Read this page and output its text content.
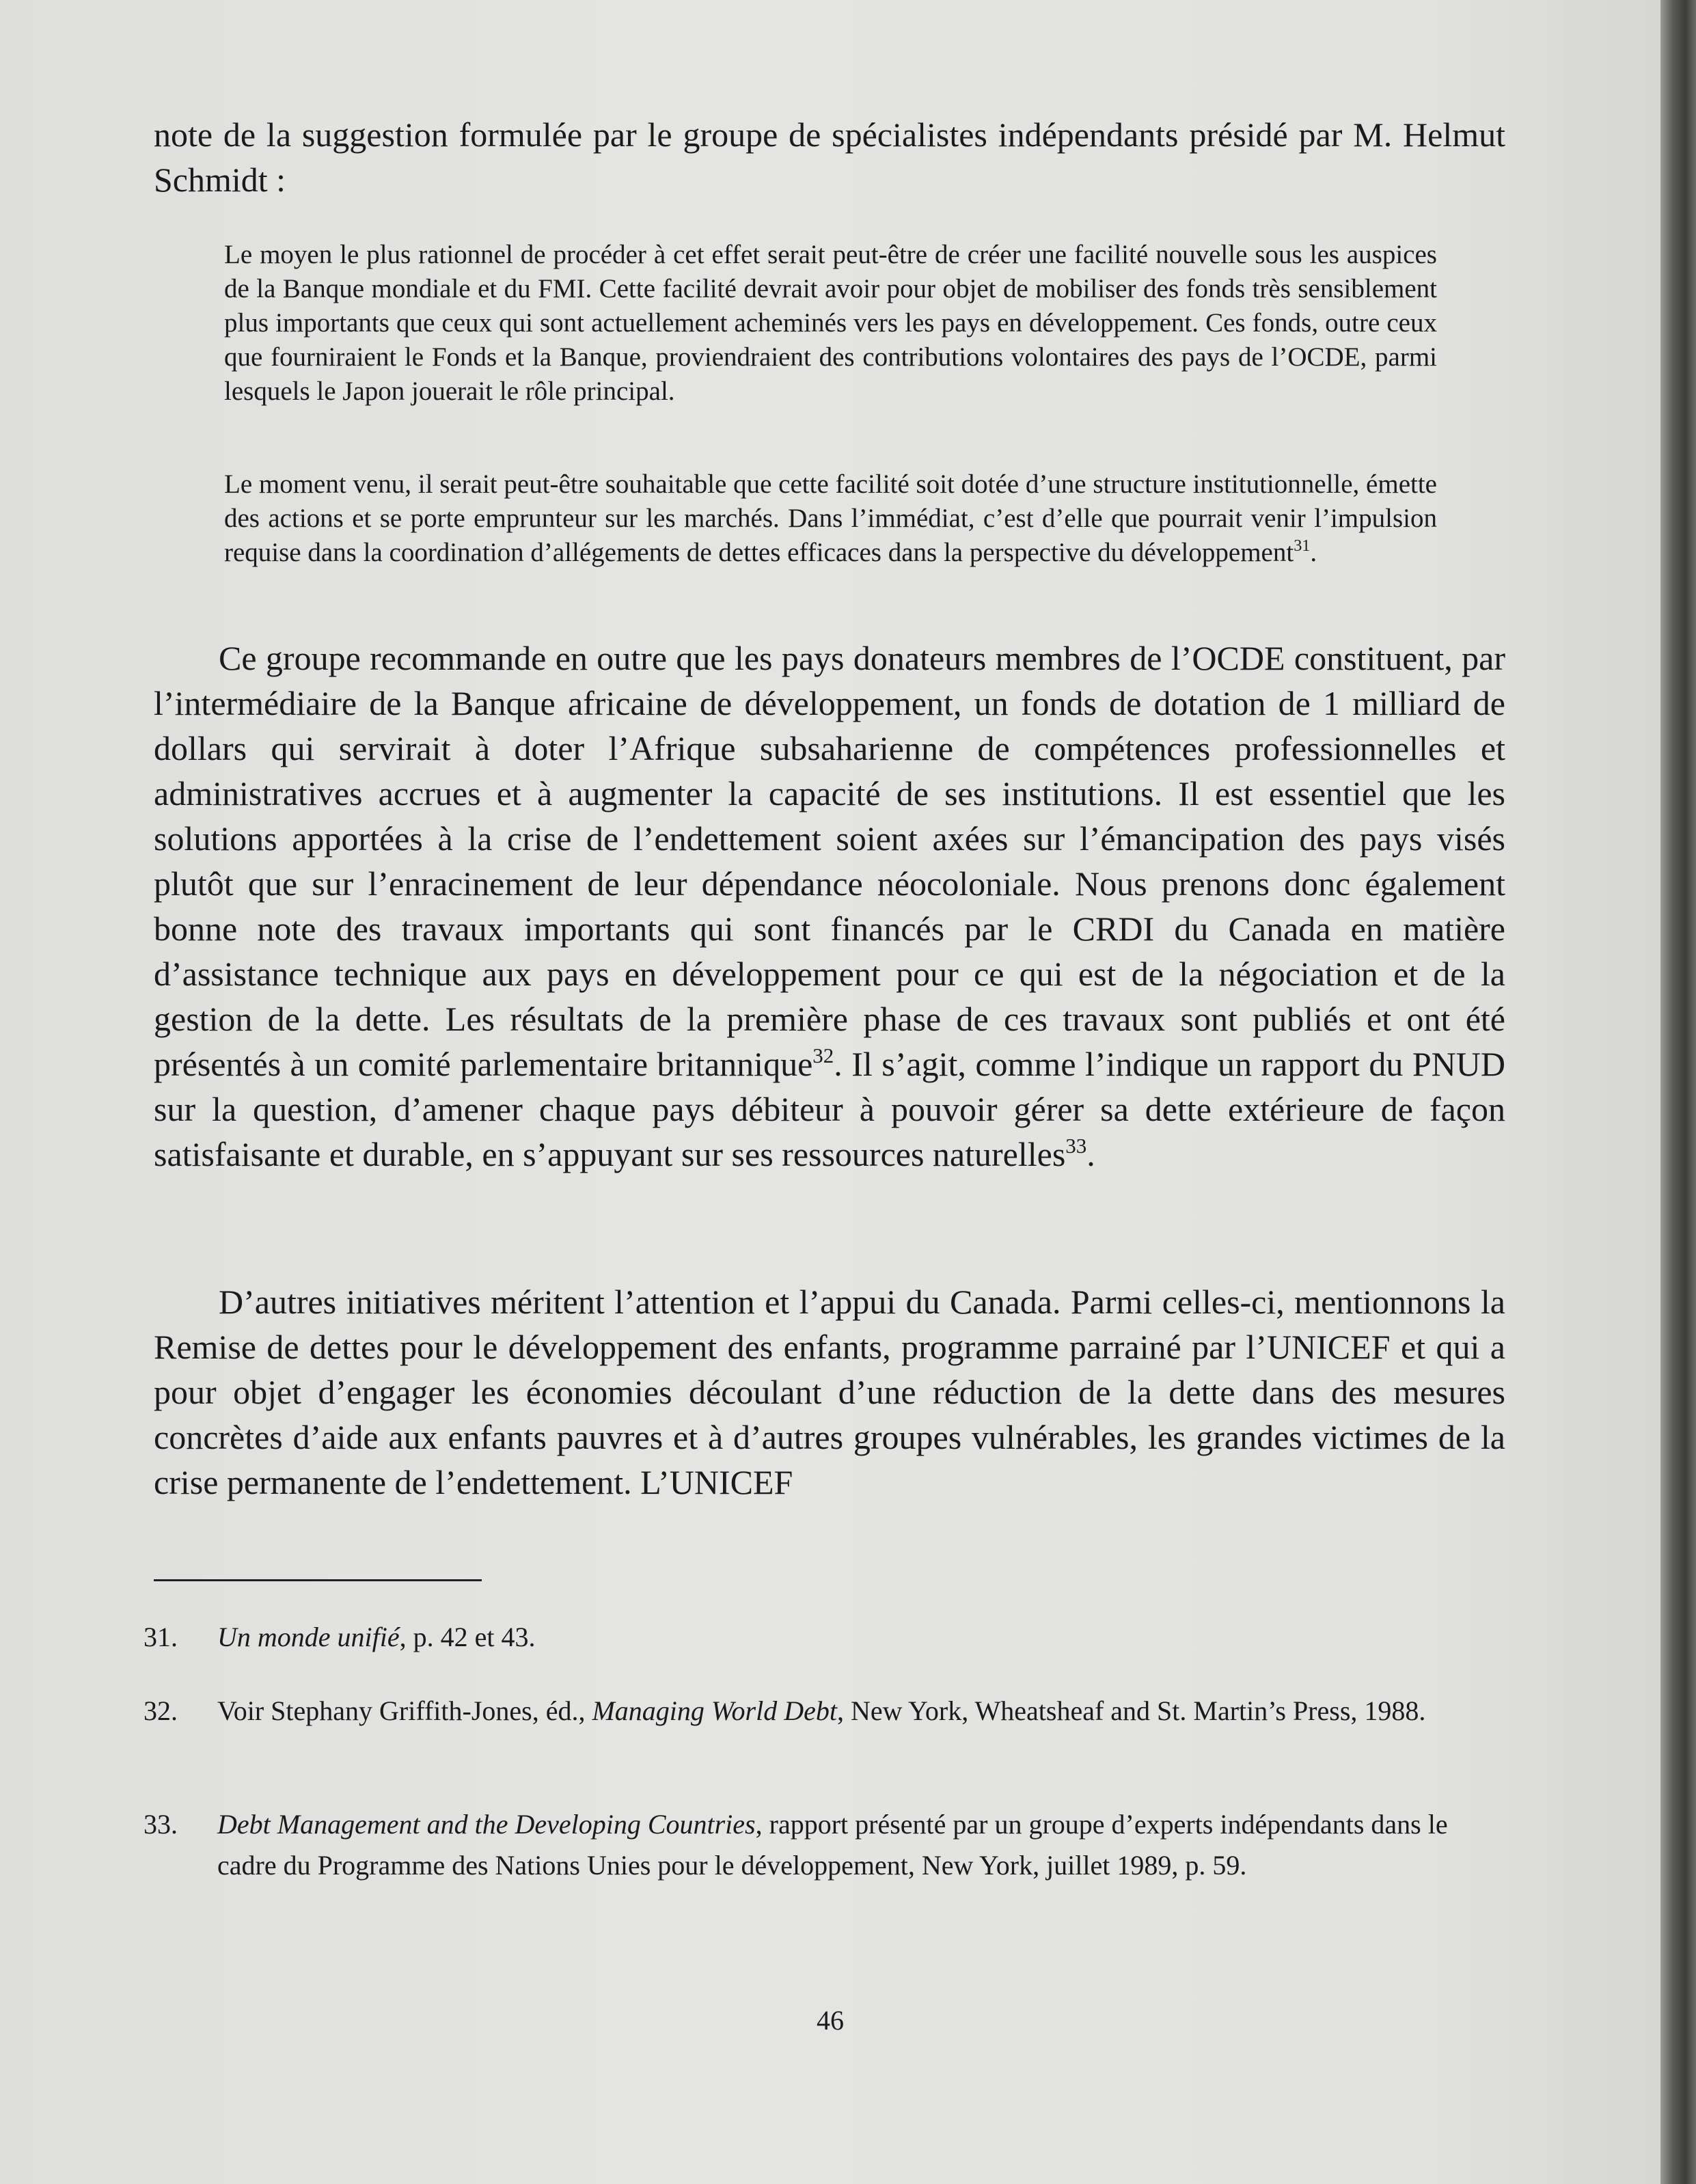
note de la suggestion formulée par le groupe de spécialistes indépendants présidé par M. Helmut Schmidt :

Le moyen le plus rationnel de procéder à cet effet serait peut-être de créer une facilité nouvelle sous les auspices de la Banque mondiale et du FMI. Cette facilité devrait avoir pour objet de mobiliser des fonds très sensiblement plus importants que ceux qui sont actuellement acheminés vers les pays en développement. Ces fonds, outre ceux que fourniraient le Fonds et la Banque, proviendraient des contributions volontaires des pays de l’OCDE, parmi lesquels le Japon jouerait le rôle principal.

Le moment venu, il serait peut-être souhaitable que cette facilité soit dotée d’une structure institutionnelle, émette des actions et se porte emprunteur sur les marchés. Dans l’immédiat, c’est d’elle que pourrait venir l’impulsion requise dans la coordination d’allégements de dettes efficaces dans la perspective du développement$^{31}$.

Ce groupe recommande en outre que les pays donateurs membres de l’OCDE constituent, par l’intermédiaire de la Banque africaine de développement, un fonds de dotation de 1 milliard de dollars qui servirait à doter l’Afrique subsaharienne de compétences professionnelles et administratives accrues et à augmenter la capacité de ses institutions. Il est essentiel que les solutions apportées à la crise de l’endettement soient axées sur l’émancipation des pays visés plutôt que sur l’enracinement de leur dépendance néocoloniale. Nous prenons donc également bonne note des travaux importants qui sont financés par le CRDI du Canada en matière d’assistance technique aux pays en développement pour ce qui est de la négociation et de la gestion de la dette. Les résultats de la première phase de ces travaux sont publiés et ont été présentés à un comité parlementaire britannique$^{32}$. Il s’agit, comme l’indique un rapport du PNUD sur la question, d’amener chaque pays débiteur à pouvoir gérer sa dette extérieure de façon satisfaisante et durable, en s’appuyant sur ses ressources naturelles$^{33}$.

D’autres initiatives méritent l’attention et l’appui du Canada. Parmi celles-ci, mentionnons la Remise de dettes pour le développement des enfants, programme parrainé par l’UNICEF et qui a pour objet d’engager les économies découlant d’une réduction de la dette dans des mesures concrètes d’aide aux enfants pauvres et à d’autres groupes vulnérables, les grandes victimes de la crise permanente de l’endettement. L’UNICEF

31.	Un monde unifié, p. 42 et 43.
32.	Voir Stephany Griffith-Jones, éd., Managing World Debt, New York, Wheatsheaf and St. Martin’s Press, 1988.
33.	Debt Management and the Developing Countries, rapport présenté par un groupe d’experts indépendants dans le cadre du Programme des Nations Unies pour le développement, New York, juillet 1989, p. 59.
46
